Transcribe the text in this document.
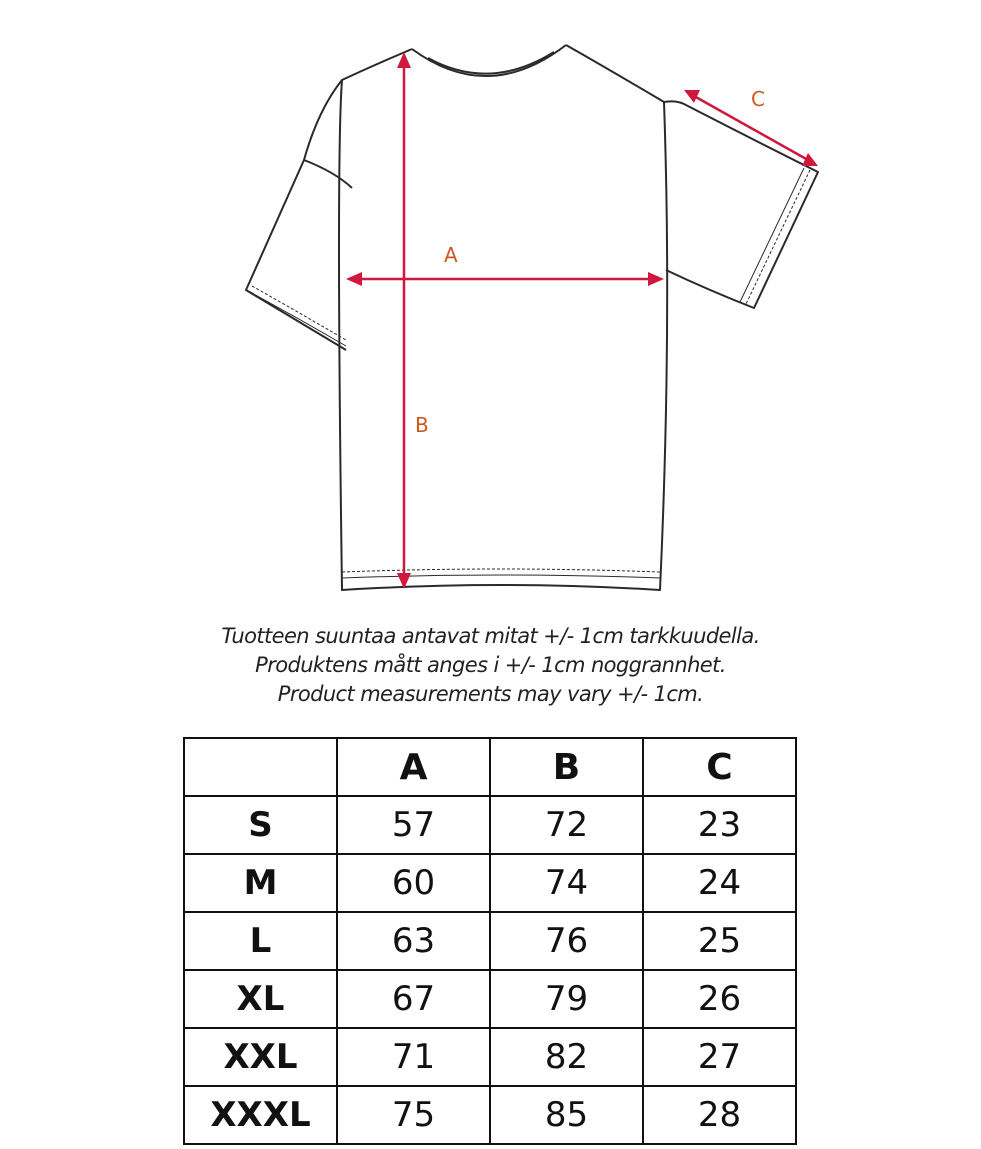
A
B
C
Tuotteen suuntaa antavat mitat +/- 1cm tarkkuudella.
Produktens mått anges i +/- 1cm noggrannhet.
Product measurements may vary +/- 1cm.
	A	B	C
S	57	72	23
M	60	74	24
L	63	76	25
XL	67	79	26
XXL	71	82	27
XXXL	75	85	28
